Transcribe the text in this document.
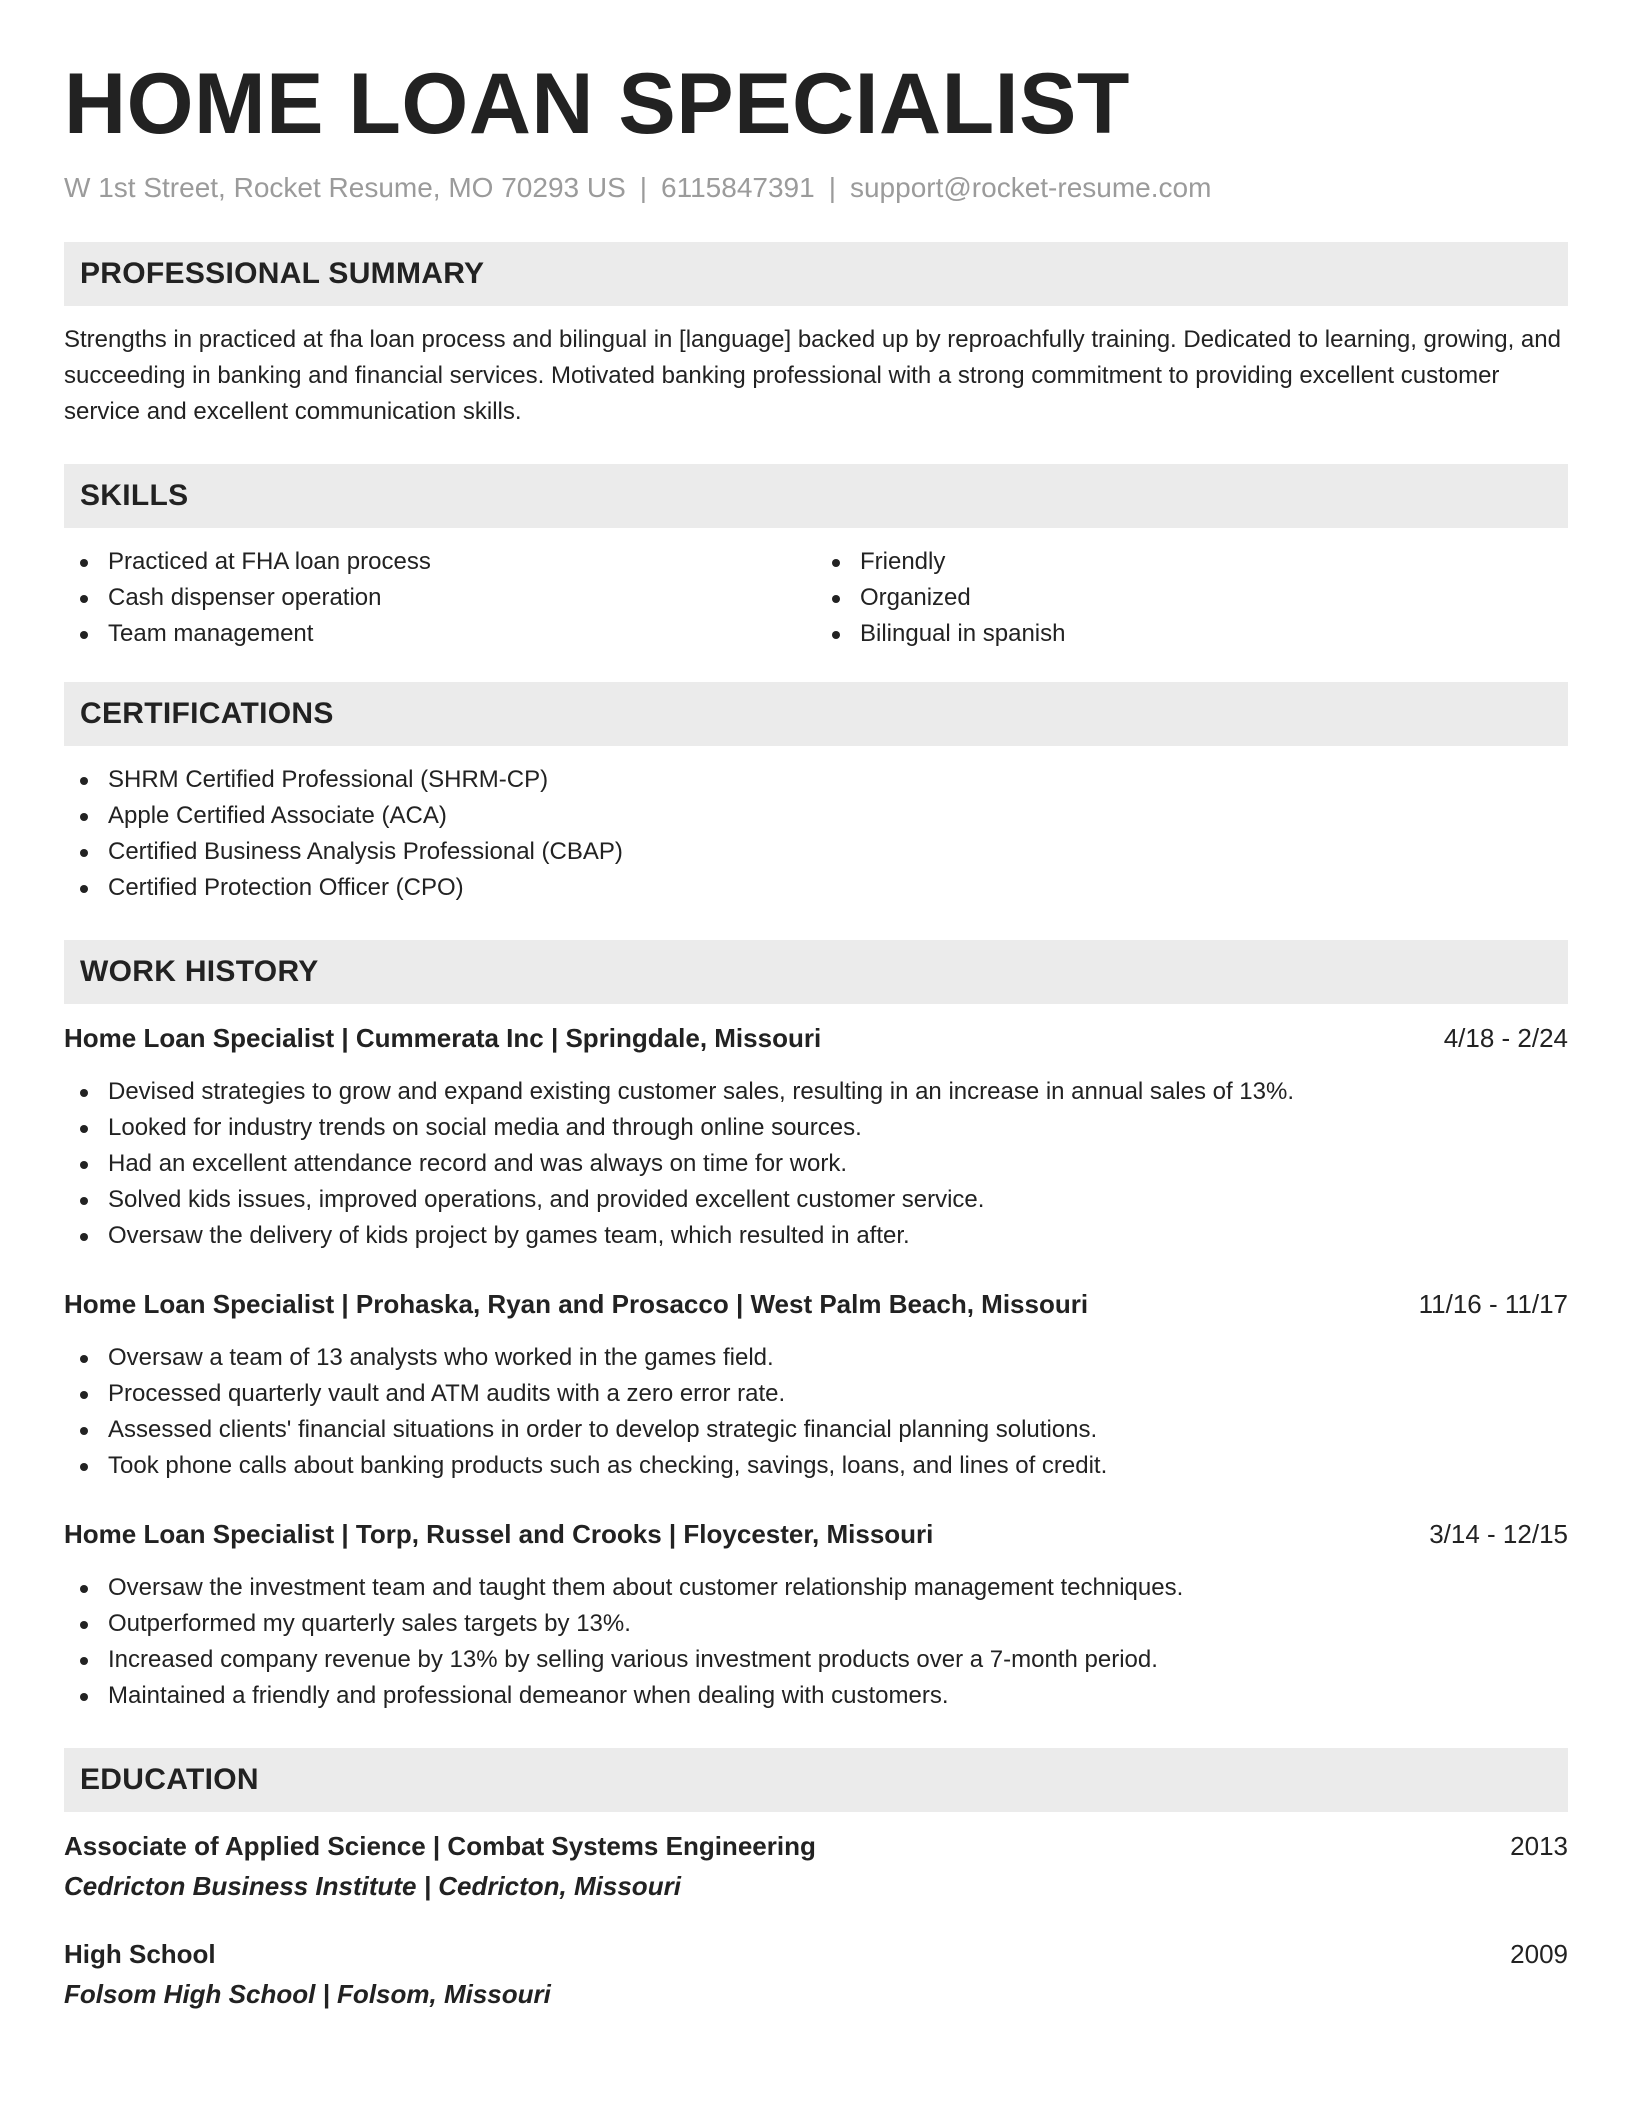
HOME LOAN SPECIALIST
W 1st Street, Rocket Resume, MO 70293 US | 6115847391 | support@rocket-resume.com
PROFESSIONAL SUMMARY

Strengths in practiced at fha loan process and bilingual in [language] backed up by reproachfully training. Dedicated to learning, growing, and succeeding in banking and financial services. Motivated banking professional with a strong commitment to providing excellent customer service and excellent communication skills.

SKILLS
Practiced at FHA loan process
Cash dispenser operation
Team management
Friendly
Organized
Bilingual in spanish
CERTIFICATIONS
SHRM Certified Professional (SHRM-CP)
Apple Certified Associate (ACA)
Certified Business Analysis Professional (CBAP)
Certified Protection Officer (CPO)
WORK HISTORY
Home Loan Specialist | Cummerata Inc | Springdale, Missouri	4/18 - 2/24
Devised strategies to grow and expand existing customer sales, resulting in an increase in annual sales of 13%.
Looked for industry trends on social media and through online sources.
Had an excellent attendance record and was always on time for work.
Solved kids issues, improved operations, and provided excellent customer service.
Oversaw the delivery of kids project by games team, which resulted in after.
Home Loan Specialist | Prohaska, Ryan and Prosacco | West Palm Beach, Missouri	11/16 - 11/17
Oversaw a team of 13 analysts who worked in the games field.
Processed quarterly vault and ATM audits with a zero error rate.
Assessed clients' financial situations in order to develop strategic financial planning solutions.
Took phone calls about banking products such as checking, savings, loans, and lines of credit.
Home Loan Specialist | Torp, Russel and Crooks | Floycester, Missouri	3/14 - 12/15
Oversaw the investment team and taught them about customer relationship management techniques.
Outperformed my quarterly sales targets by 13%.
Increased company revenue by 13% by selling various investment products over a 7-month period.
Maintained a friendly and professional demeanor when dealing with customers.
EDUCATION
Associate of Applied Science | Combat Systems Engineering	2013
Cedricton Business Institute | Cedricton, Missouri
High School	2009
Folsom High School | Folsom, Missouri
